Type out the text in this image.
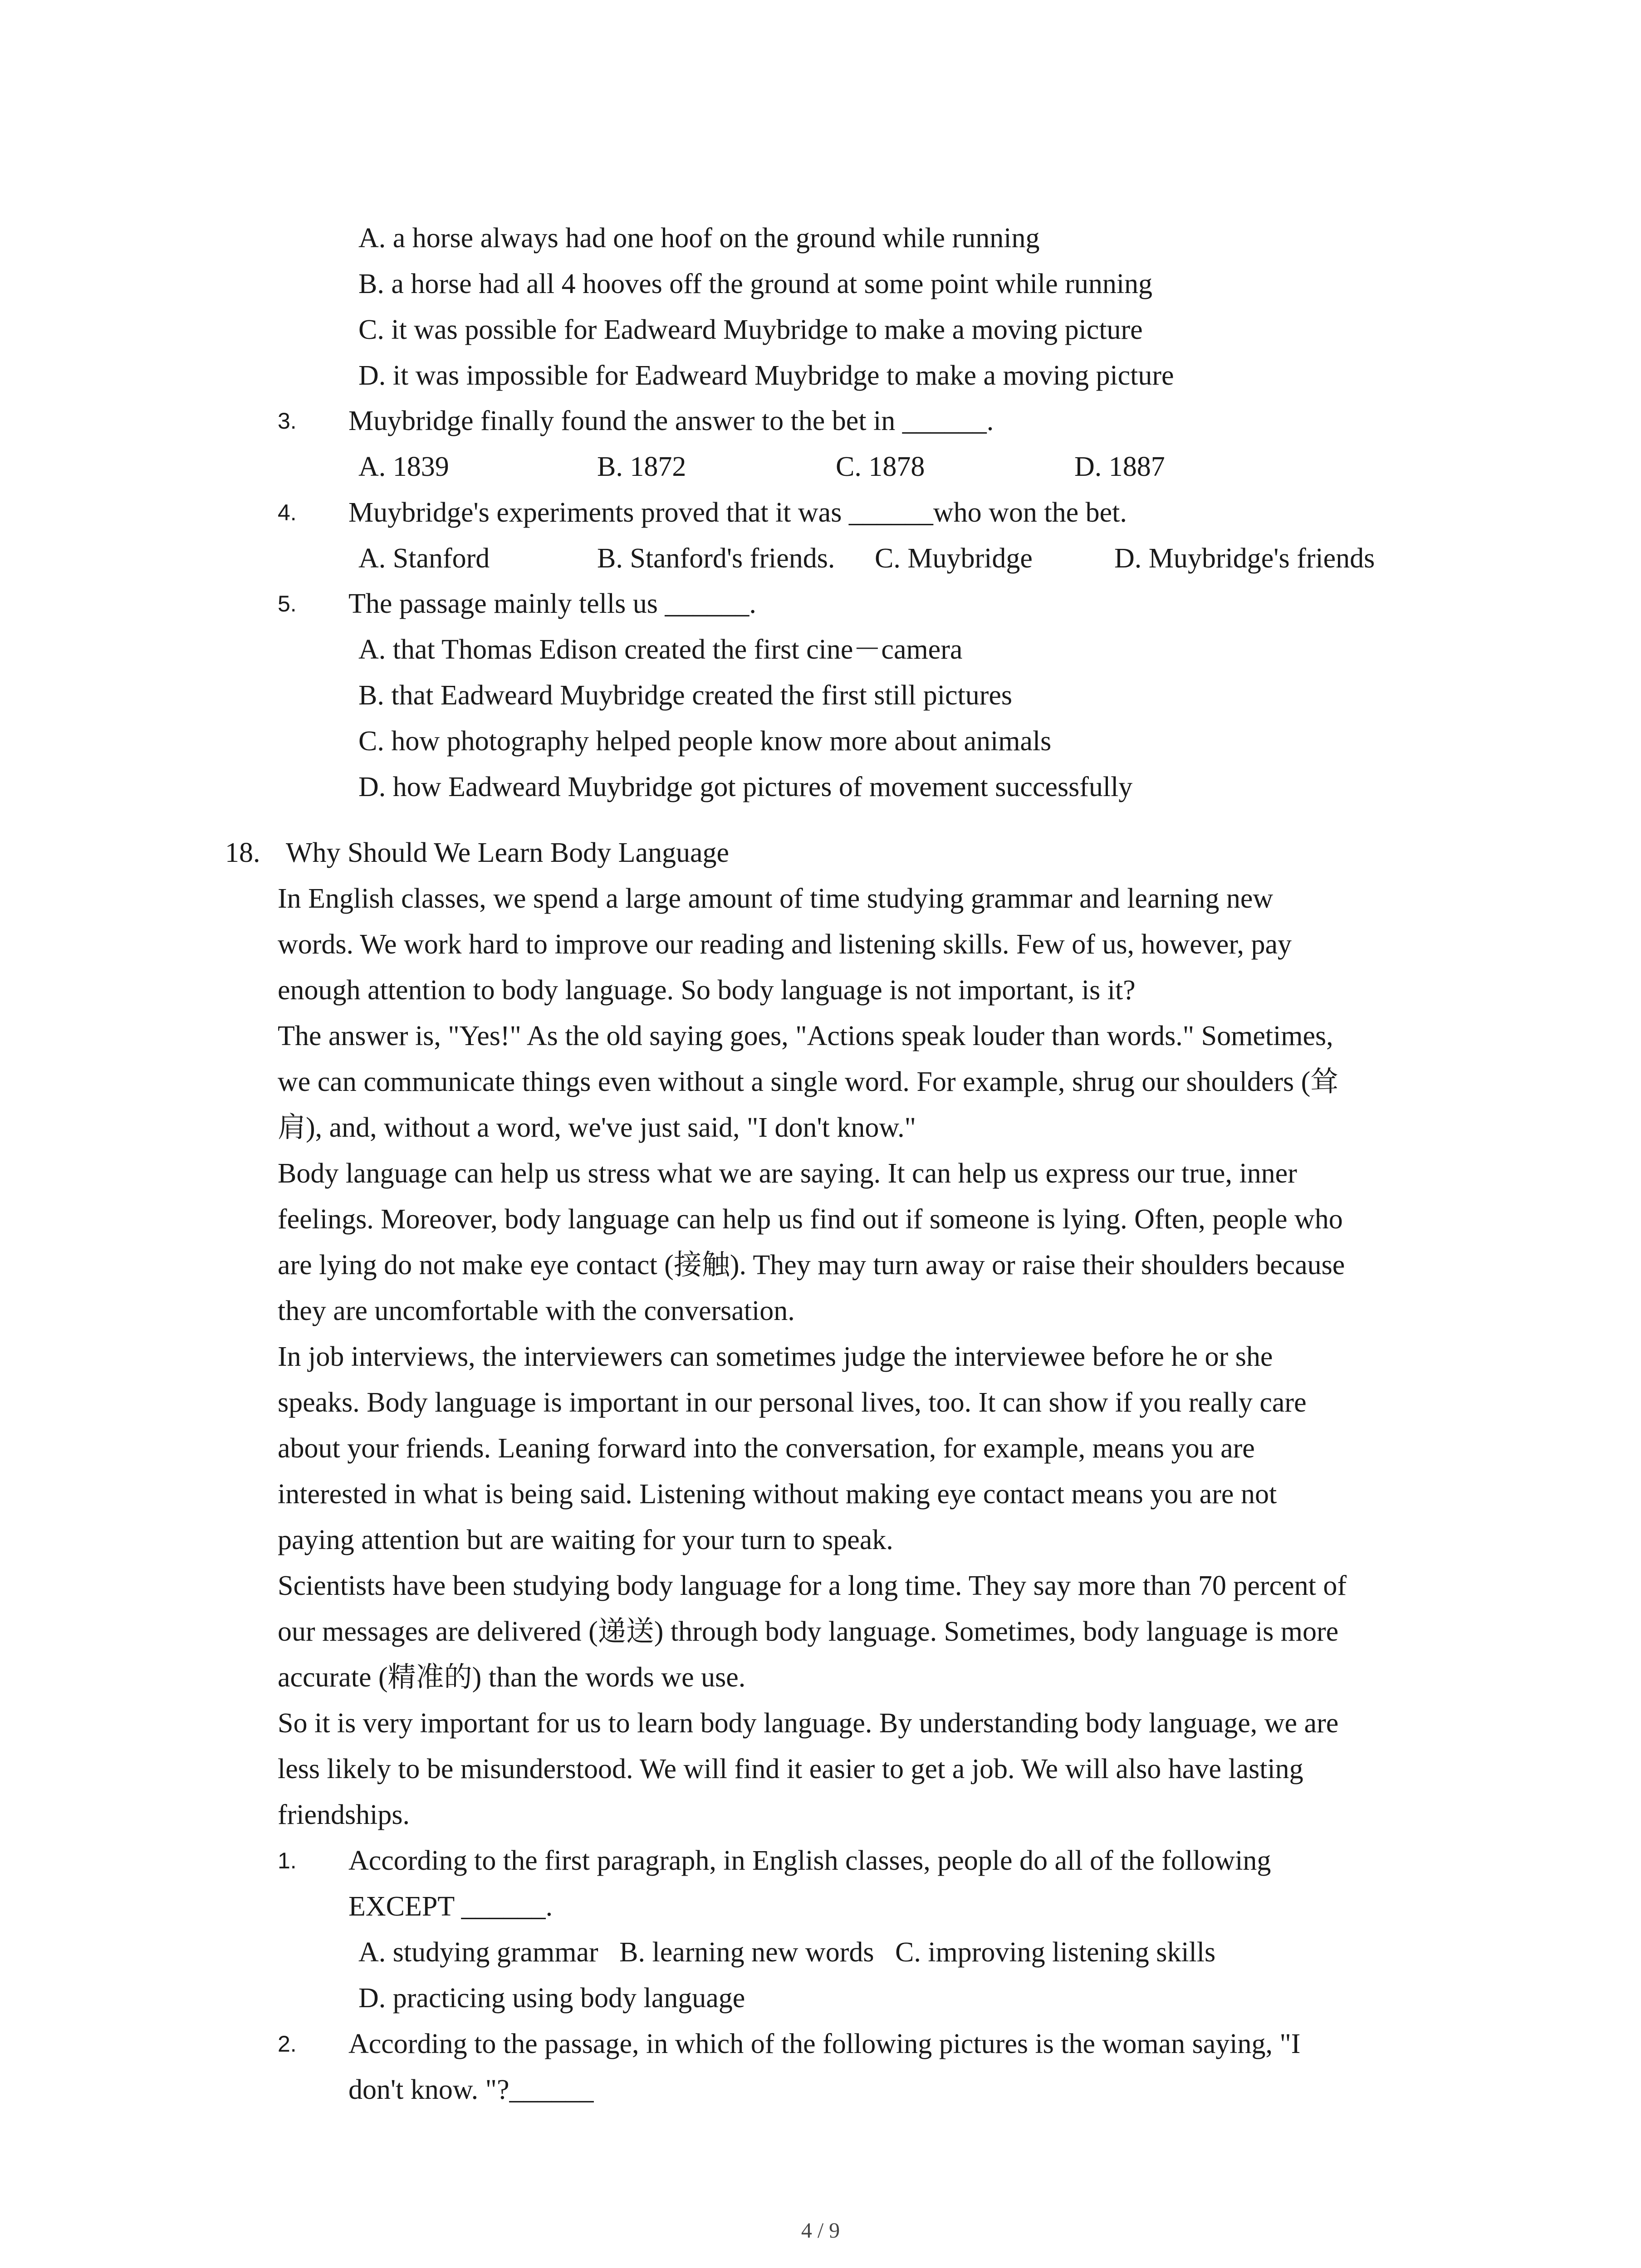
A. a horse always had one hoof on the ground while running
B. a horse had all 4 hooves off the ground at some point while running
C. it was possible for Eadweard Muybridge to make a moving picture
D. it was impossible for Eadweard Muybridge to make a moving picture
3. Muybridge finally found the answer to the bet in ______.
A. 1839	B. 1872	C. 1878	D. 1887
4. Muybridge's experiments proved that it was ______who won the bet.
A. Stanford	B. Stanford's friends. C. Muybridge	D. Muybridge's friends
5. The passage mainly tells us ______.
A. that Thomas Edison created the first cine－camera
B. that Eadweard Muybridge created the first still pictures
C. how photography helped people know more about animals
D. how Eadweard Muybridge got pictures of movement successfully
18. Why Should We Learn Body Language
In English classes, we spend a large amount of time studying grammar and learning new
words. We work hard to improve our reading and listening skills. Few of us, however, pay
enough attention to body language. So body language is not important, is it?
The answer is, "Yes!" As the old saying goes, "Actions speak louder than words." Sometimes,
we can communicate things even without a single word. For example, shrug our shoulders (耸
肩), and, without a word, we've just said, "I don't know."
Body language can help us stress what we are saying. It can help us express our true, inner
feelings. Moreover, body language can help us find out if someone is lying. Often, people who
are lying do not make eye contact (接触). They may turn away or raise their shoulders because
they are uncomfortable with the conversation.
In job interviews, the interviewers can sometimes judge the interviewee before he or she
speaks. Body language is important in our personal lives, too. It can show if you really care
about your friends. Leaning forward into the conversation, for example, means you are
interested in what is being said. Listening without making eye contact means you are not
paying attention but are waiting for your turn to speak.
Scientists have been studying body language for a long time. They say more than 70 percent of
our messages are delivered (递送) through body language. Sometimes, body language is more
accurate (精准的) than the words we use.
So it is very important for us to learn body language. By understanding body language, we are
less likely to be misunderstood. We will find it easier to get a job. We will also have lasting
friendships.
1. According to the first paragraph, in English classes, people do all of the following
EXCEPT ______.
A. studying grammar   B. learning new words   C. improving listening skills
D. practicing using body language
2. According to the passage, in which of the following pictures is the woman saying, "I
don't know. "?______
4 / 9
